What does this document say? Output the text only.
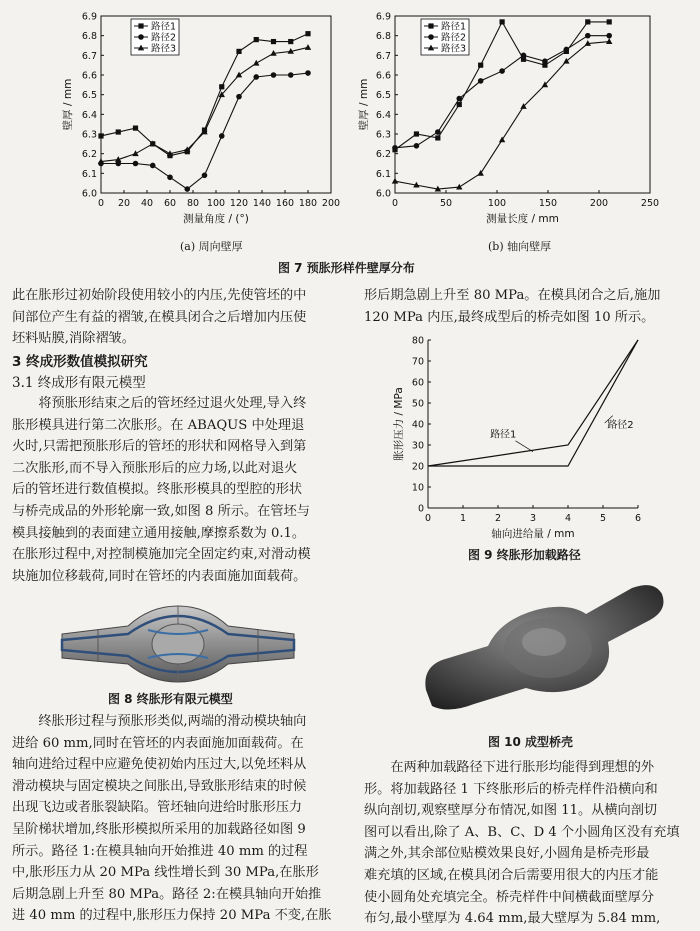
0 20 40 60 80 100 120 140 160 180 200
6.0
6.1
6.2
6.3
6.4
6.5
6.6
6.7
6.8
6.9
测量角度 / (°)
壁厚 / mm
路径1
路径2
路径3
0	50	100	150	200	250
6.0
6.1
6.2
6.3
6.4
6.5
6.6
6.7
6.8
6.9
测量长度 / mm
壁厚 / mm
路径1
路径2
路径3
(a) 周向壁厚	(b) 轴向壁厚
图 7 预胀形样件壁厚分布
此在胀形过初始阶段使用较小的内压,先使管坯的中
间部位产生有益的褶皱,在模具闭合之后增加内压使
坯料贴膜,消除褶皱。
3 终成形数值模拟研究
3.1 终成形有限元模型
　　将预胀形结束之后的管坯经过退火处理,导入终
胀形模具进行第二次胀形。在 ABAQUS 中处理退
火时,只需把预胀形后的管坯的形状和网格导入到第
二次胀形,而不导入预胀形后的应力场,以此对退火
后的管坯进行数值模拟。终胀形模具的型腔的形状
与桥壳成品的外形轮廓一致,如图 8 所示。在管坯与
模具接触到的表面建立通用接触,摩擦系数为 0.1。
在胀形过程中,对控制模施加完全固定约束,对滑动模
块施加位移载荷,同时在管坯的内表面施加面载荷。
图 8 终胀形有限元模型
　　终胀形过程与预胀形类似,两端的滑动模块轴向
进给 60 mm,同时在管坯的内表面施加面载荷。在
轴向进给过程中应避免使初始内压过大,以免坯料从
滑动模块与固定模块之间胀出,导致胀形结束的时候
出现飞边或者胀裂缺陷。管坯轴向进给时胀形压力
呈阶梯状增加,终胀形模拟所采用的加载路径如图 9
所示。路径 1:在模具轴向开始推进 40 mm 的过程
中,胀形压力从 20 MPa 线性增长到 30 MPa,在胀形
后期急剧上升至 80 MPa。路径 2:在模具轴向开始推
进 40 mm 的过程中,胀形压力保持 20 MPa 不变,在胀
形后期急剧上升至 80 MPa。在模具闭合之后,施加
120 MPa 内压,最终成型后的桥壳如图 10 所示。
0	1	2	3	4	5	6
0
10
20
30
40
50
60
70
80
轴向进给量 / mm
胀形压力 / MPa	路径1
路径2
图 9 终胀形加载路径
图 10 成型桥壳
　　在两种加载路径下进行胀形均能得到理想的外
形。将加载路径 1 下终胀形后的桥壳样件沿横向和
纵向剖切,观察壁厚分布情况,如图 11。从横向剖切
图可以看出,除了 A、B、C、D 4 个小圆角区没有充填
满之外,其余部位贴模效果良好,小圆角是桥壳形最
难充填的区域,在模具闭合后需要用很大的内压才能
使小圆角处充填完全。桥壳样件中间横截面壁厚分
布匀,最小壁厚为 4.64 mm,最大壁厚为 5.84 mm,
